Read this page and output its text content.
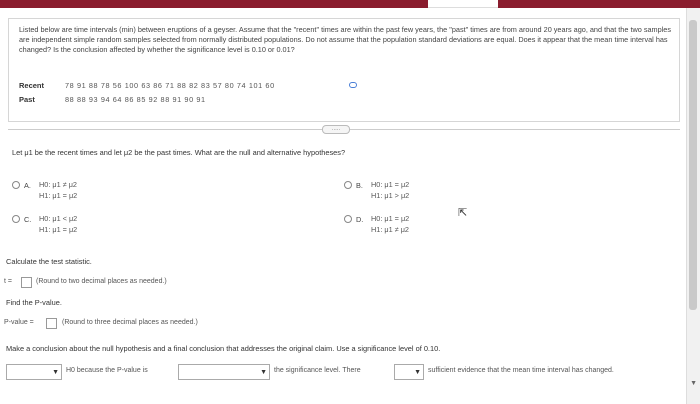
Listed below are time intervals (min) between eruptions of a geyser. Assume that the "recent" times are within the past few years, the "past" times are from around 20 years ago, and that the two samples are independent simple random samples selected from normally distributed populations. Do not assume that the population standard deviations are equal. Does it appear that the mean time interval has changed? Is the conclusion affected by whether the significance level is 0.10 or 0.01?
Recent	78 91 88 78 56 100 63 86 71 88 82 83 57 80 74 101 60
Past	88 88 93 94 64 86 85 92 88 91 90 91
.....
Let μ1 be the recent times and let μ2 be the past times. What are the null and alternative hypotheses?
A. H0: μ1 ≠ μ2
H1: μ1 = μ2
B. H0: μ1 = μ2
H1: μ1 > μ2
C. H0: μ1 < μ2
H1: μ1 = μ2
D. H0: μ1 = μ2
H1: μ1 ≠ μ2
⇱
Calculate the test statistic.
t =	(Round to two decimal places as needed.)
Find the P-value.
P-value =	(Round to three decimal places as needed.)
Make a conclusion about the null hypothesis and a final conclusion that addresses the original claim. Use a significance level of 0.10.
▼ H0 because the P-value is	▼ the significance level. There	▼ sufficient evidence that the mean time interval has changed.
▼
